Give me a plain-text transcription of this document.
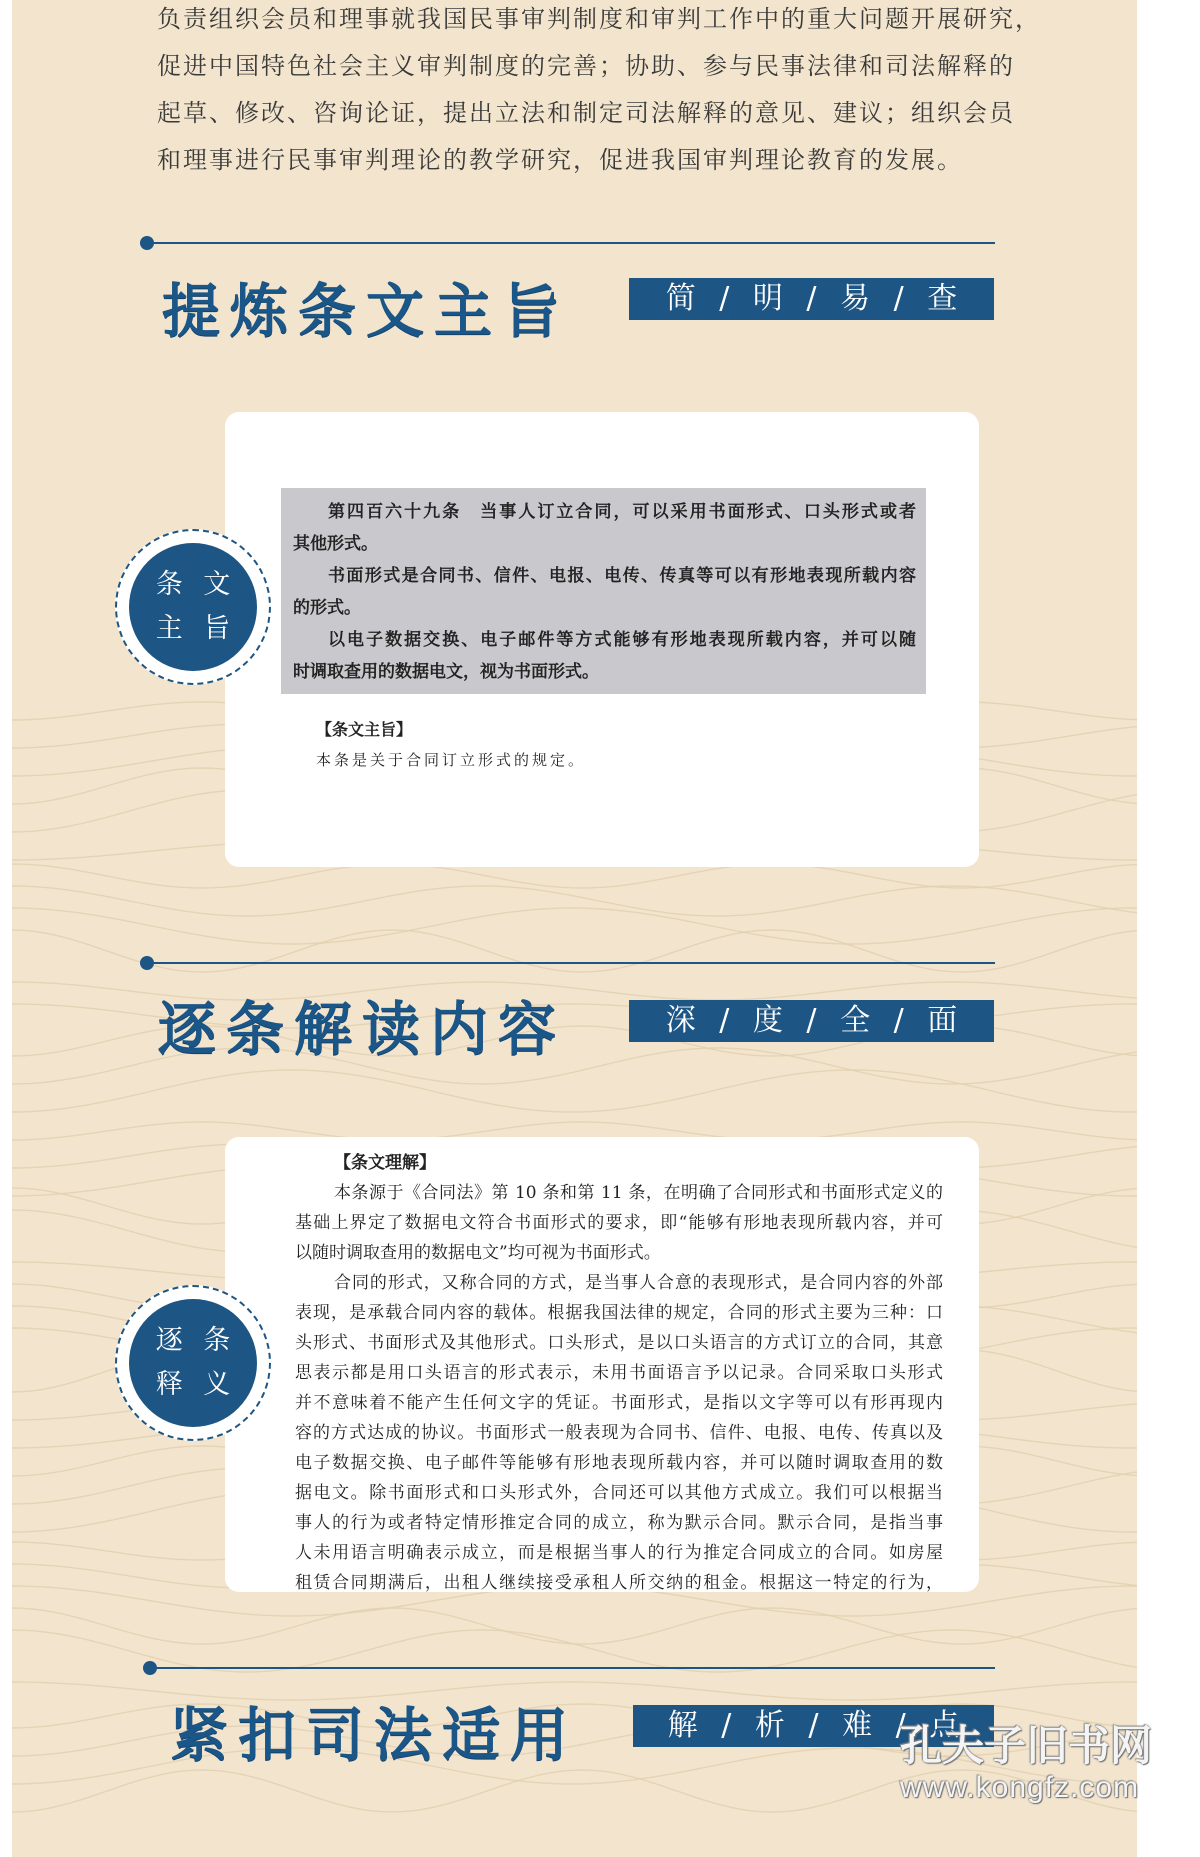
负责组织会员和理事就我国民事审判制度和审判工作中的重大问题开展研究，
促进中国特色社会主义审判制度的完善；协助、参与民事法律和司法解释的
起草、修改、咨询论证，提出立法和制定司法解释的意见、建议；组织会员
和理事进行民事审判理论的教学研究，促进我国审判理论教育的发展。
提炼条文主旨	简 / 明 / 易 / 查
第四百六十九条　当事人订立合同，可以采用书面形式、口头形式或者
其他形式。
书面形式是合同书、信件、电报、电传、传真等可以有形地表现所载内容
的形式。
以电子数据交换、电子邮件等方式能够有形地表现所载内容，并可以随
时调取查用的数据电文，视为书面形式。
【条文主旨】
本条是关于合同订立形式的规定。
条 文
主 旨
逐条解读内容	深 / 度 / 全 / 面
【条文理解】
本条源于《合同法》第 10 条和第 11 条，在明确了合同形式和书面形式定义的
基础上界定了数据电文符合书面形式的要求，即“能够有形地表现所载内容，并可
以随时调取查用的数据电文”均可视为书面形式。
合同的形式，又称合同的方式，是当事人合意的表现形式，是合同内容的外部
表现，是承载合同内容的载体。根据我国法律的规定，合同的形式主要为三种：口
头形式、书面形式及其他形式。口头形式，是以口头语言的方式订立的合同，其意
思表示都是用口头语言的形式表示，未用书面语言予以记录。合同采取口头形式
并不意味着不能产生任何文字的凭证。书面形式，是指以文字等可以有形再现内
容的方式达成的协议。书面形式一般表现为合同书、信件、电报、电传、传真以及
电子数据交换、电子邮件等能够有形地表现所载内容，并可以随时调取查用的数
据电文。除书面形式和口头形式外，合同还可以其他方式成立。我们可以根据当
事人的行为或者特定情形推定合同的成立，称为默示合同。默示合同，是指当事
人未用语言明确表示成立，而是根据当事人的行为推定合同成立的合同。如房屋
租赁合同期满后，出租人继续接受承租人所交纳的租金。根据这一特定的行为，
逐 条
释 义
紧扣司法适用	解 / 析 / 难 / 点
孔夫子旧书网
www.kongfz.com
